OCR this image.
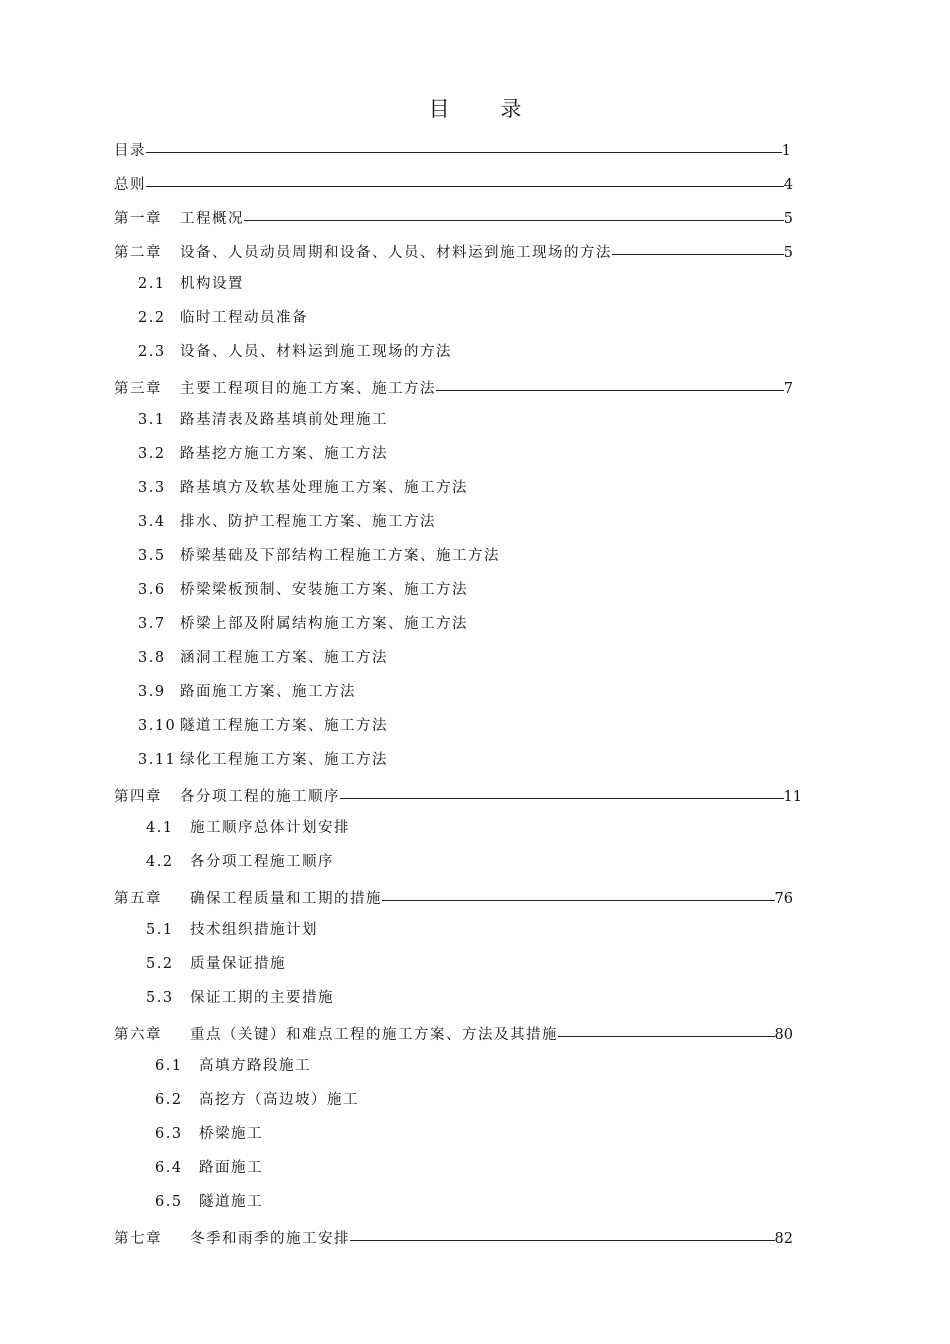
目 录
目录	1
总则	4
第一章	工程概况	5
第二章	设备、人员动员周期和设备、人员、材料运到施工现场的方法	5
2.1 机构设置
2.2 临时工程动员准备
2.3 设备、人员、材料运到施工现场的方法
第三章	主要工程项目的施工方案、施工方法	7
3.1 路基清表及路基填前处理施工
3.2 路基挖方施工方案、施工方法
3.3 路基填方及软基处理施工方案、施工方法
3.4 排水、防护工程施工方案、施工方法
3.5 桥梁基础及下部结构工程施工方案、施工方法
3.6 桥梁梁板预制、安装施工方案、施工方法
3.7 桥梁上部及附属结构施工方案、施工方法
3.8 涵洞工程施工方案、施工方法
3.9 路面施工方案、施工方法
3.10 隧道工程施工方案、施工方法
3.11 绿化工程施工方案、施工方法
第四章	各分项工程的施工顺序	11
4.1 施工顺序总体计划安排
4.2 各分项工程施工顺序
第五章	确保工程质量和工期的措施	76
5.1 技术组织措施计划
5.2 质量保证措施
5.3 保证工期的主要措施
第六章	重点（关键）和难点工程的施工方案、方法及其措施	80
6.1 高填方路段施工
6.2 高挖方（高边坡）施工
6.3 桥梁施工
6.4 路面施工
6.5 隧道施工
第七章	冬季和雨季的施工安排	82
